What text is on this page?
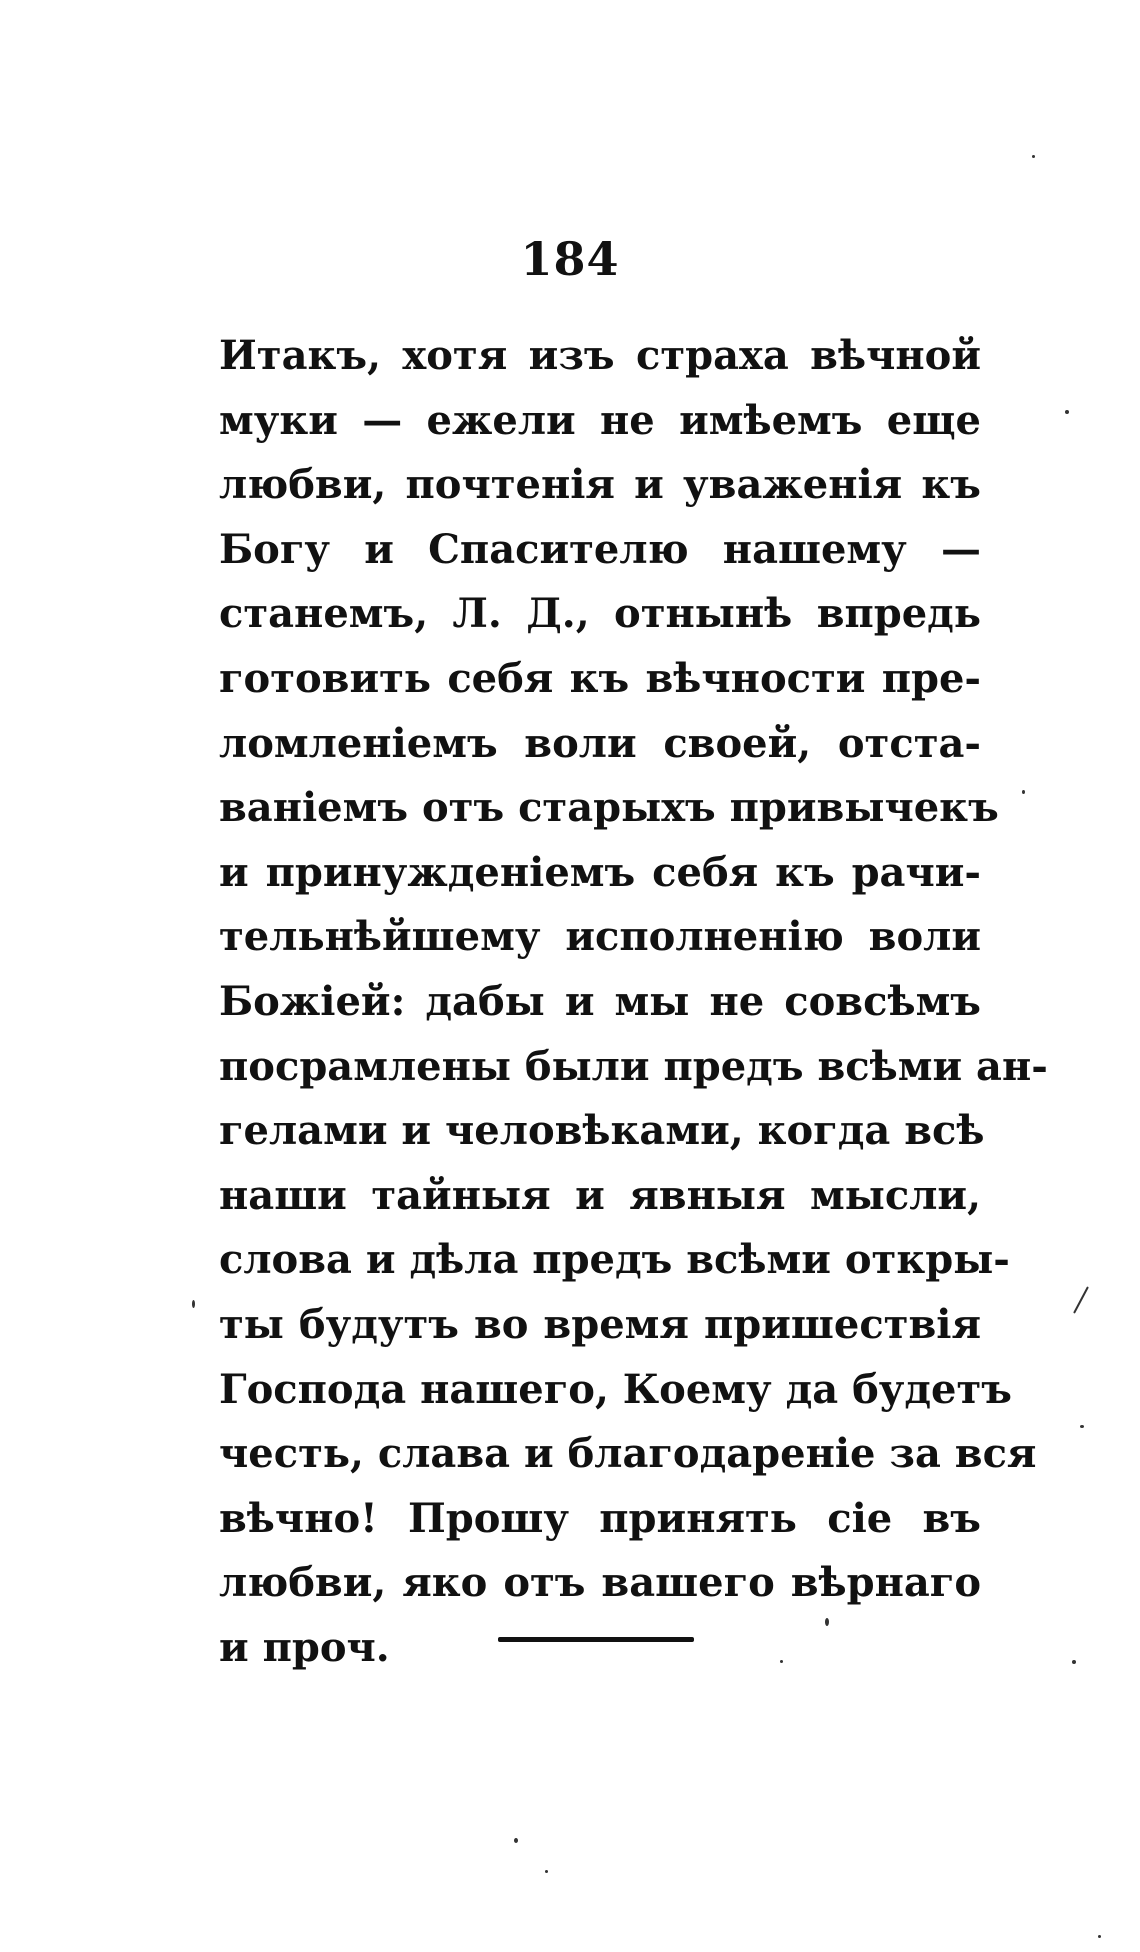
184
Итакъ, хотя изъ страха вѣчной
муки — ежели не имѣемъ еще
любви, почтенія и уваженія къ
Богу и Спасителю нашему —
станемъ, Л. Д., отнынѣ впредь
готовить себя къ вѣчности пре-
ломленіемъ воли своей, отста-
ваніемъ отъ старыхъ привычекъ
и принужденіемъ себя къ рачи-
тельнѣйшему исполненію воли
Божіей: дабы и мы не совсѣмъ
посрамлены были предъ всѣми ан-
гелами и человѣками, когда всѣ
наши тайныя и явныя мысли,
слова и дѣла предъ всѣми откры-
ты будутъ во время пришествія
Господа нашего, Коему да будетъ
честь, слава и благодареніе за вся
вѣчно! Прошу принять сіе въ
любви, яко отъ вашего вѣрнаго
и проч.
